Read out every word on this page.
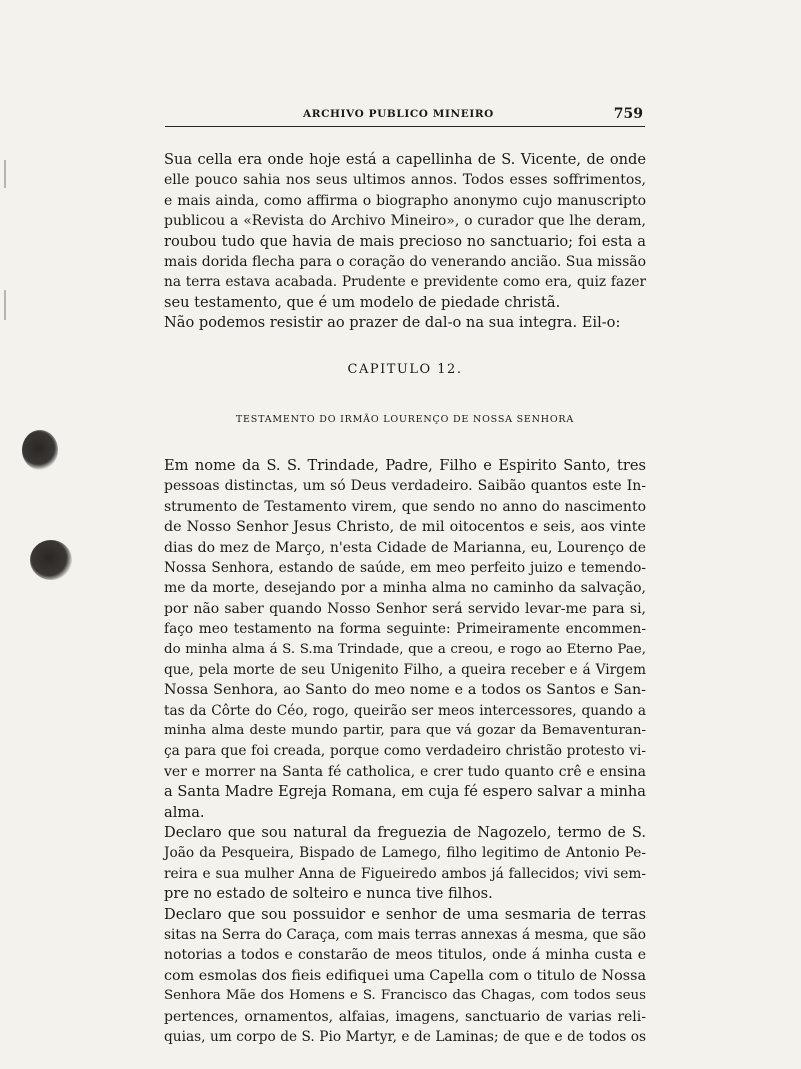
ARCHIVO PUBLICO MINEIRO	759
Sua cella era onde hoje está a capellinha de S. Vicente, de onde
elle pouco sahia nos seus ultimos annos. Todos esses soffrimentos,
e mais ainda, como affirma o biographo anonymo cujo manuscripto
publicou a «Revista do Archivo Mineiro», o curador que lhe deram,
roubou tudo que havia de mais precioso no sanctuario; foi esta a
mais dorida flecha para o coração do venerando ancião. Sua missão
na terra estava acabada. Prudente e previdente como era, quiz fazer
seu testamento, que é um modelo de piedade christã.
Não podemos resistir ao prazer de dal-o na sua integra. Eil-o:
CAPITULO 12.
TESTAMENTO DO IRMÃO LOURENÇO DE NOSSA SENHORA
Em nome da S. S. Trindade, Padre, Filho e Espirito Santo, tres
pessoas distinctas, um só Deus verdadeiro. Saibão quantos este In-
strumento de Testamento virem, que sendo no anno do nascimento
de Nosso Senhor Jesus Christo, de mil oitocentos e seis, aos vinte
dias do mez de Março, n'esta Cidade de Marianna, eu, Lourenço de
Nossa Senhora, estando de saúde, em meo perfeito juizo e temendo-
me da morte, desejando por a minha alma no caminho da salvação,
por não saber quando Nosso Senhor será servido levar-me para si,
faço meo testamento na forma seguinte: Primeiramente encommen-
do minha alma á S. S.ma Trindade, que a creou, e rogo ao Eterno Pae,
que, pela morte de seu Unigenito Filho, a queira receber e á Virgem
Nossa Senhora, ao Santo do meo nome e a todos os Santos e San-
tas da Côrte do Céo, rogo, queirão ser meos intercessores, quando a
minha alma deste mundo partir, para que vá gozar da Bemaventuran-
ça para que foi creada, porque como verdadeiro christão protesto vi-
ver e morrer na Santa fé catholica, e crer tudo quanto crê e ensina
a Santa Madre Egreja Romana, em cuja fé espero salvar a minha
alma.
Declaro que sou natural da freguezia de Nagozelo, termo de S.
João da Pesqueira, Bispado de Lamego, filho legitimo de Antonio Pe-
reira e sua mulher Anna de Figueiredo ambos já fallecidos; vivi sem-
pre no estado de solteiro e nunca tive filhos.
Declaro que sou possuidor e senhor de uma sesmaria de terras
sitas na Serra do Caraça, com mais terras annexas á mesma, que são
notorias a todos e constarão de meos titulos, onde á minha custa e
com esmolas dos fieis edifiquei uma Capella com o titulo de Nossa
Senhora Mãe dos Homens e S. Francisco das Chagas, com todos seus
pertences, ornamentos, alfaias, imagens, sanctuario de varias reli-
quias, um corpo de S. Pio Martyr, e de Laminas; de que e de todos os
